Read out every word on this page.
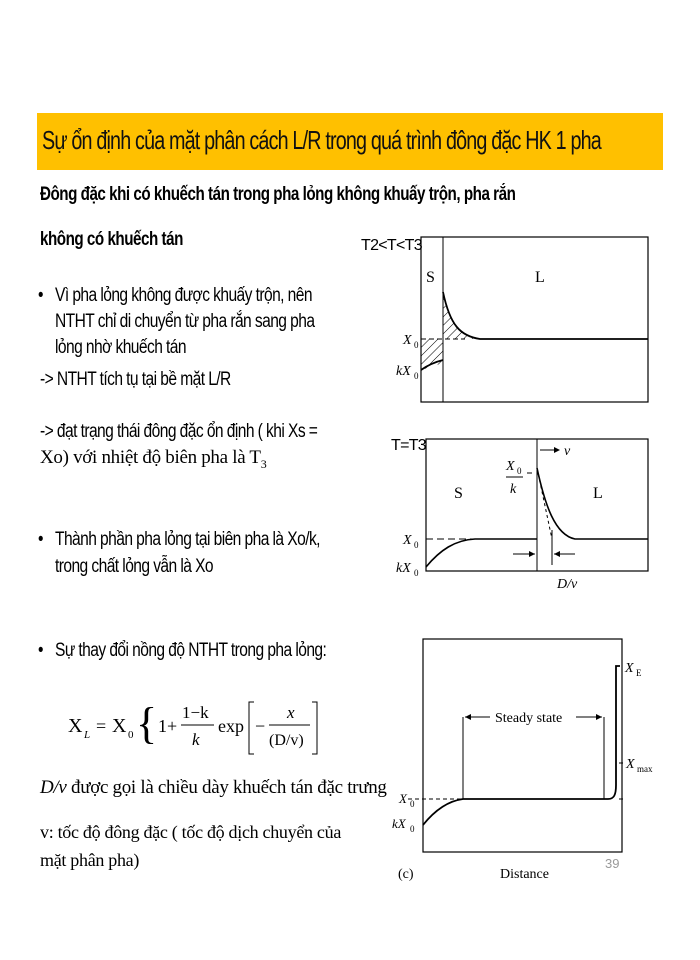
Sự ổn định của mặt phân cách L/R trong quá trình đông đặc HK 1 pha
Đông đặc khi có khuếch tán trong pha lỏng không khuấy trộn, pha rắn
không có khuếch tán
• Vì pha lỏng không được khuấy trộn, nên
NTHT chỉ di chuyển từ pha rắn sang pha
lỏng nhờ khuếch tán
-> NTHT tích tụ tại bề mặt L/R
-> đạt trạng thái đông đặc ổn định ( khi Xs =
Xo) với nhiệt độ biên pha là $T_3$
• Thành phần pha lỏng tại biên pha là Xo/k,
trong chất lỏng vẫn là Xo
• Sự thay đổi nồng độ NTHT trong pha lỏng:
X L = X 0 { 1+
1−k
k
exp −
x
(D/v)
D/v được gọi là chiều dày khuếch tán đặc trưng
v: tốc độ đông đặc ( tốc độ dịch chuyển của
mặt phân pha)
T2<T<T3
S	L
X 0
kX 0
v
X 0
k
S	L
X 0
kX 0
D/v
T=T3
Steady state
X E
X max
X 0
kX 0
(c)	Distance
39
